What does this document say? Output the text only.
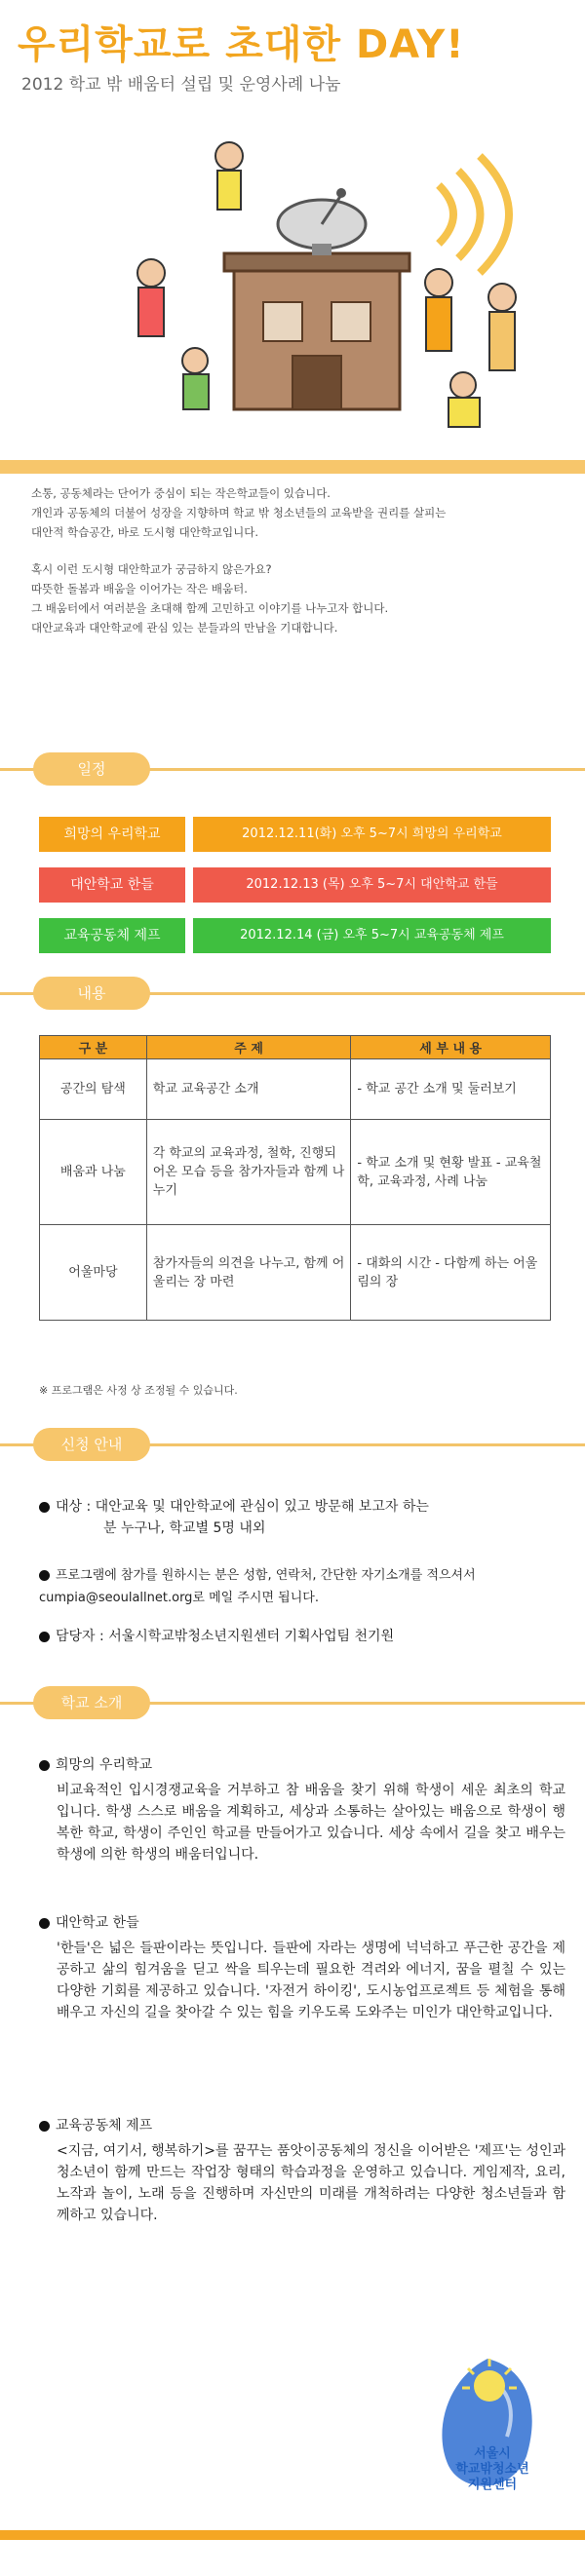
우리학교로 초대한 DAY!
2012 학교 밖 배움터 설립 및 운영사례 나눔

소통, 공동체라는 단어가 중심이 되는 작은학교들이 있습니다.
개인과 공동체의 더불어 성장을 지향하며 학교 밖 청소년들의 교육받을 권리를 살피는
대안적 학습공간, 바로 도시형 대안학교입니다.

혹시 이런 도시형 대안학교가 궁금하지 않은가요?
따뜻한 돌봄과 배움을 이어가는 작은 배움터.
그 배움터에서 여러분을 초대해 함께 고민하고 이야기를 나누고자 합니다.
대안교육과 대안학교에 관심 있는 분들과의 만남을 기대합니다.

일정
희망의 우리학교	2012.12.11(화) 오후 5~7시 희망의 우리학교
대안학교 한들	2012.12.13 (목) 오후 5~7시 대안학교 한들
교육공동체 제프	2012.12.14 (금) 오후 5~7시 교육공동체 제프
내용
구 분	주 제	세 부 내 용
공간의 탐색	학교 교육공간 소개	- 학교 공간 소개 및 둘러보기
배움과 나눔	각 학교의 교육과정, 철학, 진행되어온 모습 등을 참가자들과 함께 나누기	- 학교 소개 및 현황 발표 - 교육철학, 교육과정, 사례 나눔
어울마당	참가자들의 의견을 나누고, 함께 어울리는 장 마련	- 대화의 시간 - 다함께 하는 어울림의 장
※ 프로그램은 사정 상 조정될 수 있습니다.
신청 안내
대상 : 대안교육 및 대안학교에 관심이 있고 방문해 보고자 하는

분 누구나, 학교별 5명 내외
프로그램에 참가를 원하시는 분은 성함, 연락처, 간단한 자기소개를 적으셔서
cumpia@seoulallnet.org로 메일 주시면 됩니다.
담당자 : 서울시학교밖청소년지원센터 기획사업팀 천기원
학교 소개
희망의 우리학교
비교육적인 입시경쟁교육을 거부하고 참 배움을 찾기 위해 학생이 세운 최초의 학교 입니다. 학생 스스로 배움을 계획하고, 세상과 소통하는 살아있는 배움으로 학생이 행복한 학교, 학생이 주인인 학교를 만들어가고 있습니다. 세상 속에서 길을 찾고 배우는 학생에 의한 학생의 배움터입니다.
대안학교 한들
'한들'은 넓은 들판이라는 뜻입니다. 들판에 자라는 생명에 넉넉하고 푸근한 공간을 제공하고 삶의 힘겨움을 딛고 싹을 틔우는데 필요한 격려와 에너지, 꿈을 펼칠 수 있는 다양한 기회를 제공하고 있습니다. '자전거 하이킹', 도시농업프로젝트 등 체험을 통해 배우고 자신의 길을 찾아갈 수 있는 힘을 키우도록 도와주는 미인가 대안학교입니다.
교육공동체 제프
<지금, 여기서, 행복하기>를 꿈꾸는 품앗이공동체의 정신을 이어받은 '제프'는 성인과 청소년이 함께 만드는 작업장 형태의 학습과정을 운영하고 있습니다. 게임제작, 요리, 노작과 놀이, 노래 등을 진행하며 자신만의 미래를 개척하려는 다양한 청소년들과 함께하고 있습니다.
서울시
학교밖청소년
지원센터
